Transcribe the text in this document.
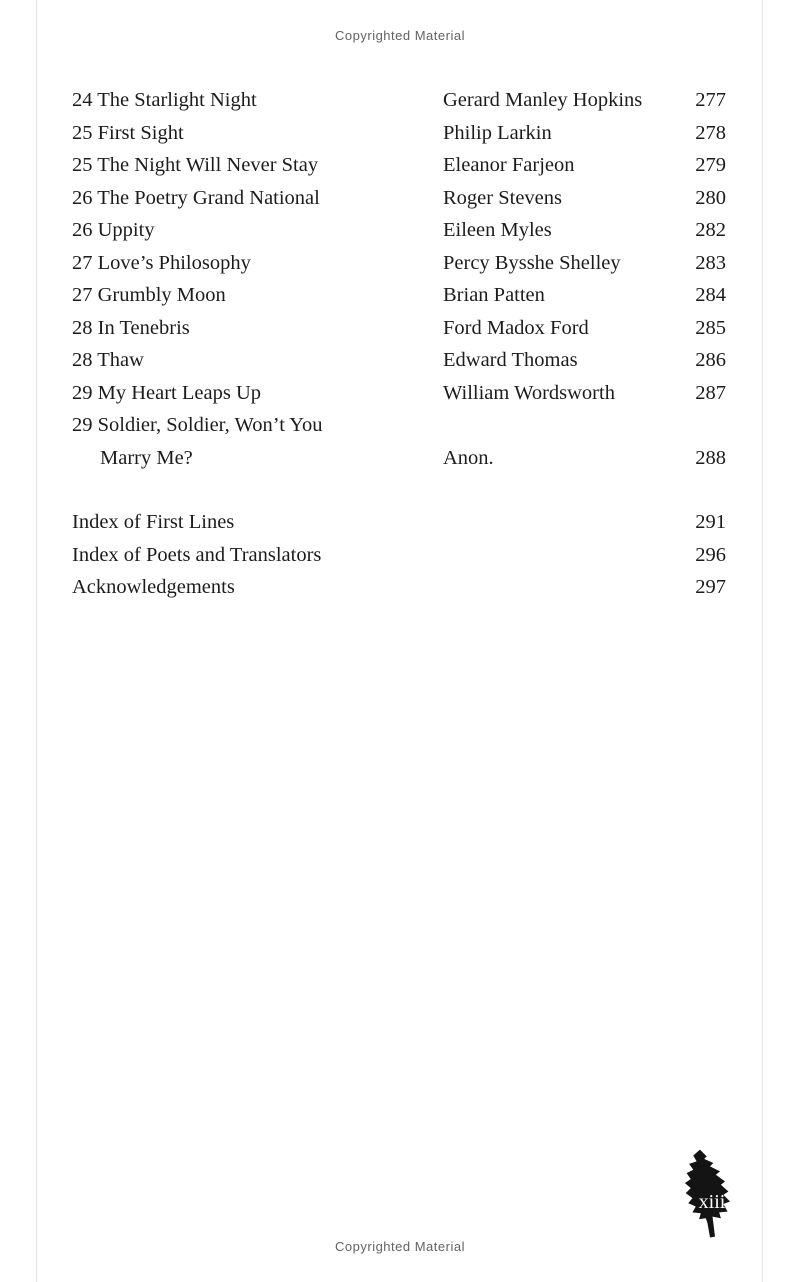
Copyrighted Material
24 The Starlight Night	Gerard Manley Hopkins	277
25 First Sight	Philip Larkin	278
25 The Night Will Never Stay	Eleanor Farjeon	279
26 The Poetry Grand National	Roger Stevens	280
26 Uppity	Eileen Myles	282
27 Love’s Philosophy	Percy Bysshe Shelley	283
27 Grumbly Moon	Brian Patten	284
28 In Tenebris	Ford Madox Ford	285
28 Thaw	Edward Thomas	286
29 My Heart Leaps Up	William Wordsworth	287
29 Soldier, Soldier, Won’t You
Marry Me?	Anon.	288
Index of First Lines	291
Index of Poets and Translators	296
Acknowledgements	297
xiii
Copyrighted Material
